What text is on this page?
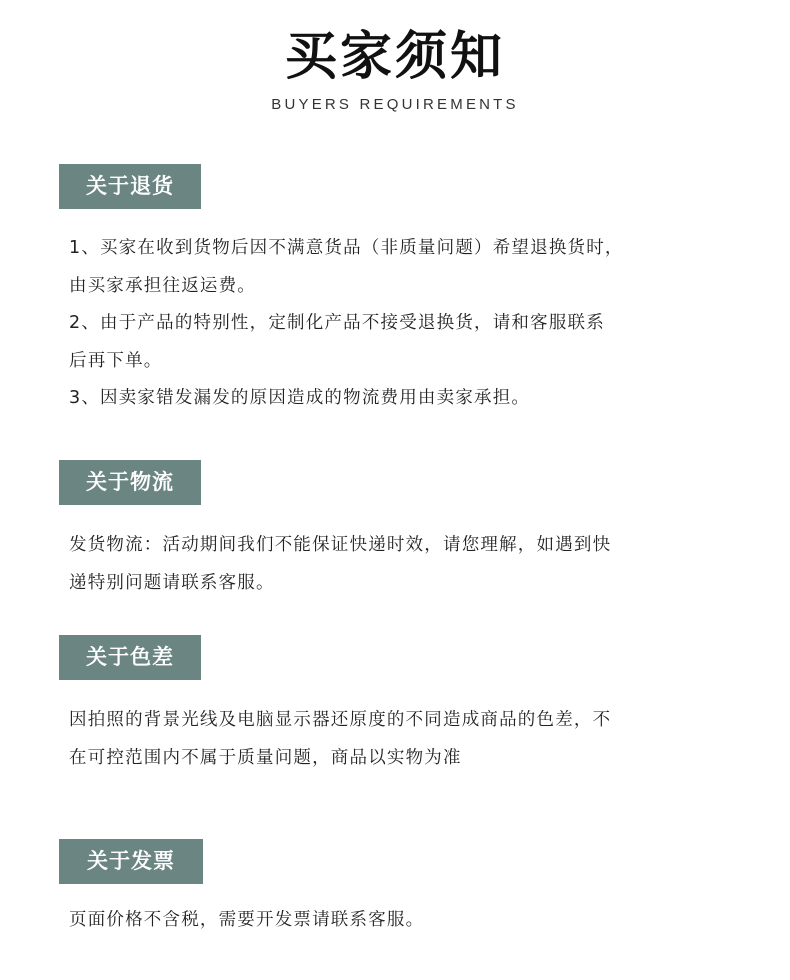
买家须知
BUYERS REQUIREMENTS
关于退货

1、买家在收到货物后因不满意货品（非质量问题）希望退换货时，

由买家承担往返运费。

2、由于产品的特别性，定制化产品不接受退换货，请和客服联系

后再下单。

3、因卖家错发漏发的原因造成的物流费用由卖家承担。

关于物流

发货物流：活动期间我们不能保证快递时效，请您理解，如遇到快

递特别问题请联系客服。

关于色差

因拍照的背景光线及电脑显示器还原度的不同造成商品的色差，不

在可控范围内不属于质量问题，商品以实物为准

关于发票

页面价格不含税，需要开发票请联系客服。
